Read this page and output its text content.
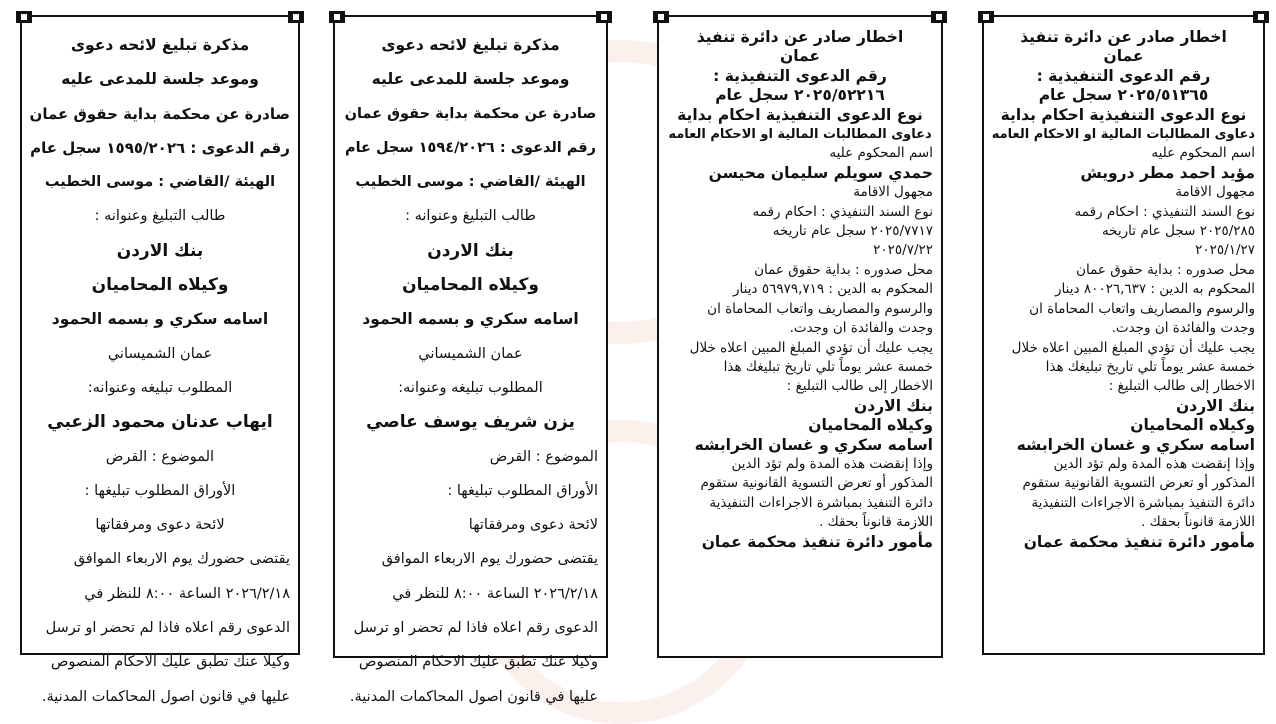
مذكرة تبليغ لائحه دعوى
وموعد جلسة للمدعى عليه
صادرة عن محكمة بداية حقوق عمان
رقم الدعوى : ١٥٩٥/٢٠٢٦ سجل عام
الهيئة /القاضي : موسى الخطيب
طالب التبليغ وعنوانه :
بنك الاردن
وكيلاه المحاميان
اسامه سكري و بسمه الحمود
عمان الشميساني
المطلوب تبليغه وعنوانه:
ايهاب عدنان محمود الزعبي
الموضوع : القرض
الأوراق المطلوب تبليغها :
لائحة دعوى ومرفقاتها
يقتضى حضورك يوم الاربعاء الموافق
٢٠٢٦/٢/١٨ الساعة ٨:٠٠ للنظر في
الدعوى رقم اعلاه فاذا لم تحضر او ترسل
وكيلا عنك تطبق عليك الاحكام المنصوص
عليها في قانون اصول المحاكمات المدنية.
مذكرة تبليغ لائحه دعوى
وموعد جلسة للمدعى عليه
صادرة عن محكمة بداية حقوق عمان
رقم الدعوى : ١٥٩٤/٢٠٢٦ سجل عام
الهيئة /القاضي : موسى الخطيب
طالب التبليغ وعنوانه :
بنك الاردن
وكيلاه المحاميان
اسامه سكري و بسمه الحمود
عمان الشميساني
المطلوب تبليغه وعنوانه:
يزن شريف يوسف عاصي
الموضوع : القرض
الأوراق المطلوب تبليغها :
لائحة دعوى ومرفقاتها
يقتضى حضورك يوم الاربعاء الموافق
٢٠٢٦/٢/١٨ الساعة ٨:٠٠ للنظر في
الدعوى رقم اعلاه فاذا لم تحضر او ترسل
وكيلا عنك تطبق عليك الاحكام المنصوص
عليها في قانون اصول المحاكمات المدنية.
اخطار صادر عن دائرة تنفيذ
عمان
رقم الدعوى التنفيذية :
٢٠٢٥/٥٢٢١٦ سجل عام
نوع الدعوى التنفيذية احكام بداية
دعاوى المطالبات المالية او الاحكام العامه
اسم المحكوم عليه
حمدي سويلم سليمان محيسن
مجهول الاقامة
نوع السند التنفيذي : احكام رقمه
٢٠٢٥/٧٧١٧ سجل عام تاريخه
٢٠٢٥/٧/٢٢
محل صدوره : بداية حقوق عمان
المحكوم به الدين : ٥٦٩٧٩,٧١٩ دينار
والرسوم والمصاريف واتعاب المحاماة ان
وجدت والفائدة ان وجدت.
يجب عليك أن تؤدي المبلغ المبين اعلاه خلال
خمسة عشر يوماً تلي تاريخ تبليغك هذا
الاخطار إلى طالب التبليغ :
بنك الاردن
وكيلاه المحاميان
اسامه سكري و غسان الخرابشه
وإذا إنقضت هذه المدة ولم تؤد الدين
المذكور أو تعرض التسوية القانونية ستقوم
دائرة التنفيذ بمباشرة الاجراءات التنفيذية
اللازمة قانوناً بحقك .
مأمور دائرة تنفيذ محكمة عمان
اخطار صادر عن دائرة تنفيذ
عمان
رقم الدعوى التنفيذية :
٢٠٢٥/٥١٣٦٥ سجل عام
نوع الدعوى التنفيذية احكام بداية
دعاوى المطالبات المالية او الاحكام العامه
اسم المحكوم عليه
مؤيد احمد مطر درويش
مجهول الاقامة
نوع السند التنفيذي : احكام رقمه
٢٠٢٥/٢٨٥ سجل عام تاريخه
٢٠٢٥/١/٢٧
محل صدوره : بداية حقوق عمان
المحكوم به الدين : ٨٠٠٢٦,٦٣٧ دينار
والرسوم والمصاريف واتعاب المحاماة ان
وجدت والفائدة ان وجدت.
يجب عليك أن تؤدي المبلغ المبين اعلاه خلال
خمسة عشر يوماً تلي تاريخ تبليغك هذا
الاخطار إلى طالب التبليغ :
بنك الاردن
وكيلاه المحاميان
اسامه سكري و غسان الخرابشه
وإذا إنقضت هذه المدة ولم تؤد الدين
المذكور أو تعرض التسوية القانونية ستقوم
دائرة التنفيذ بمباشرة الاجراءات التنفيذية
اللازمة قانوناً بحقك .
مأمور دائرة تنفيذ محكمة عمان
